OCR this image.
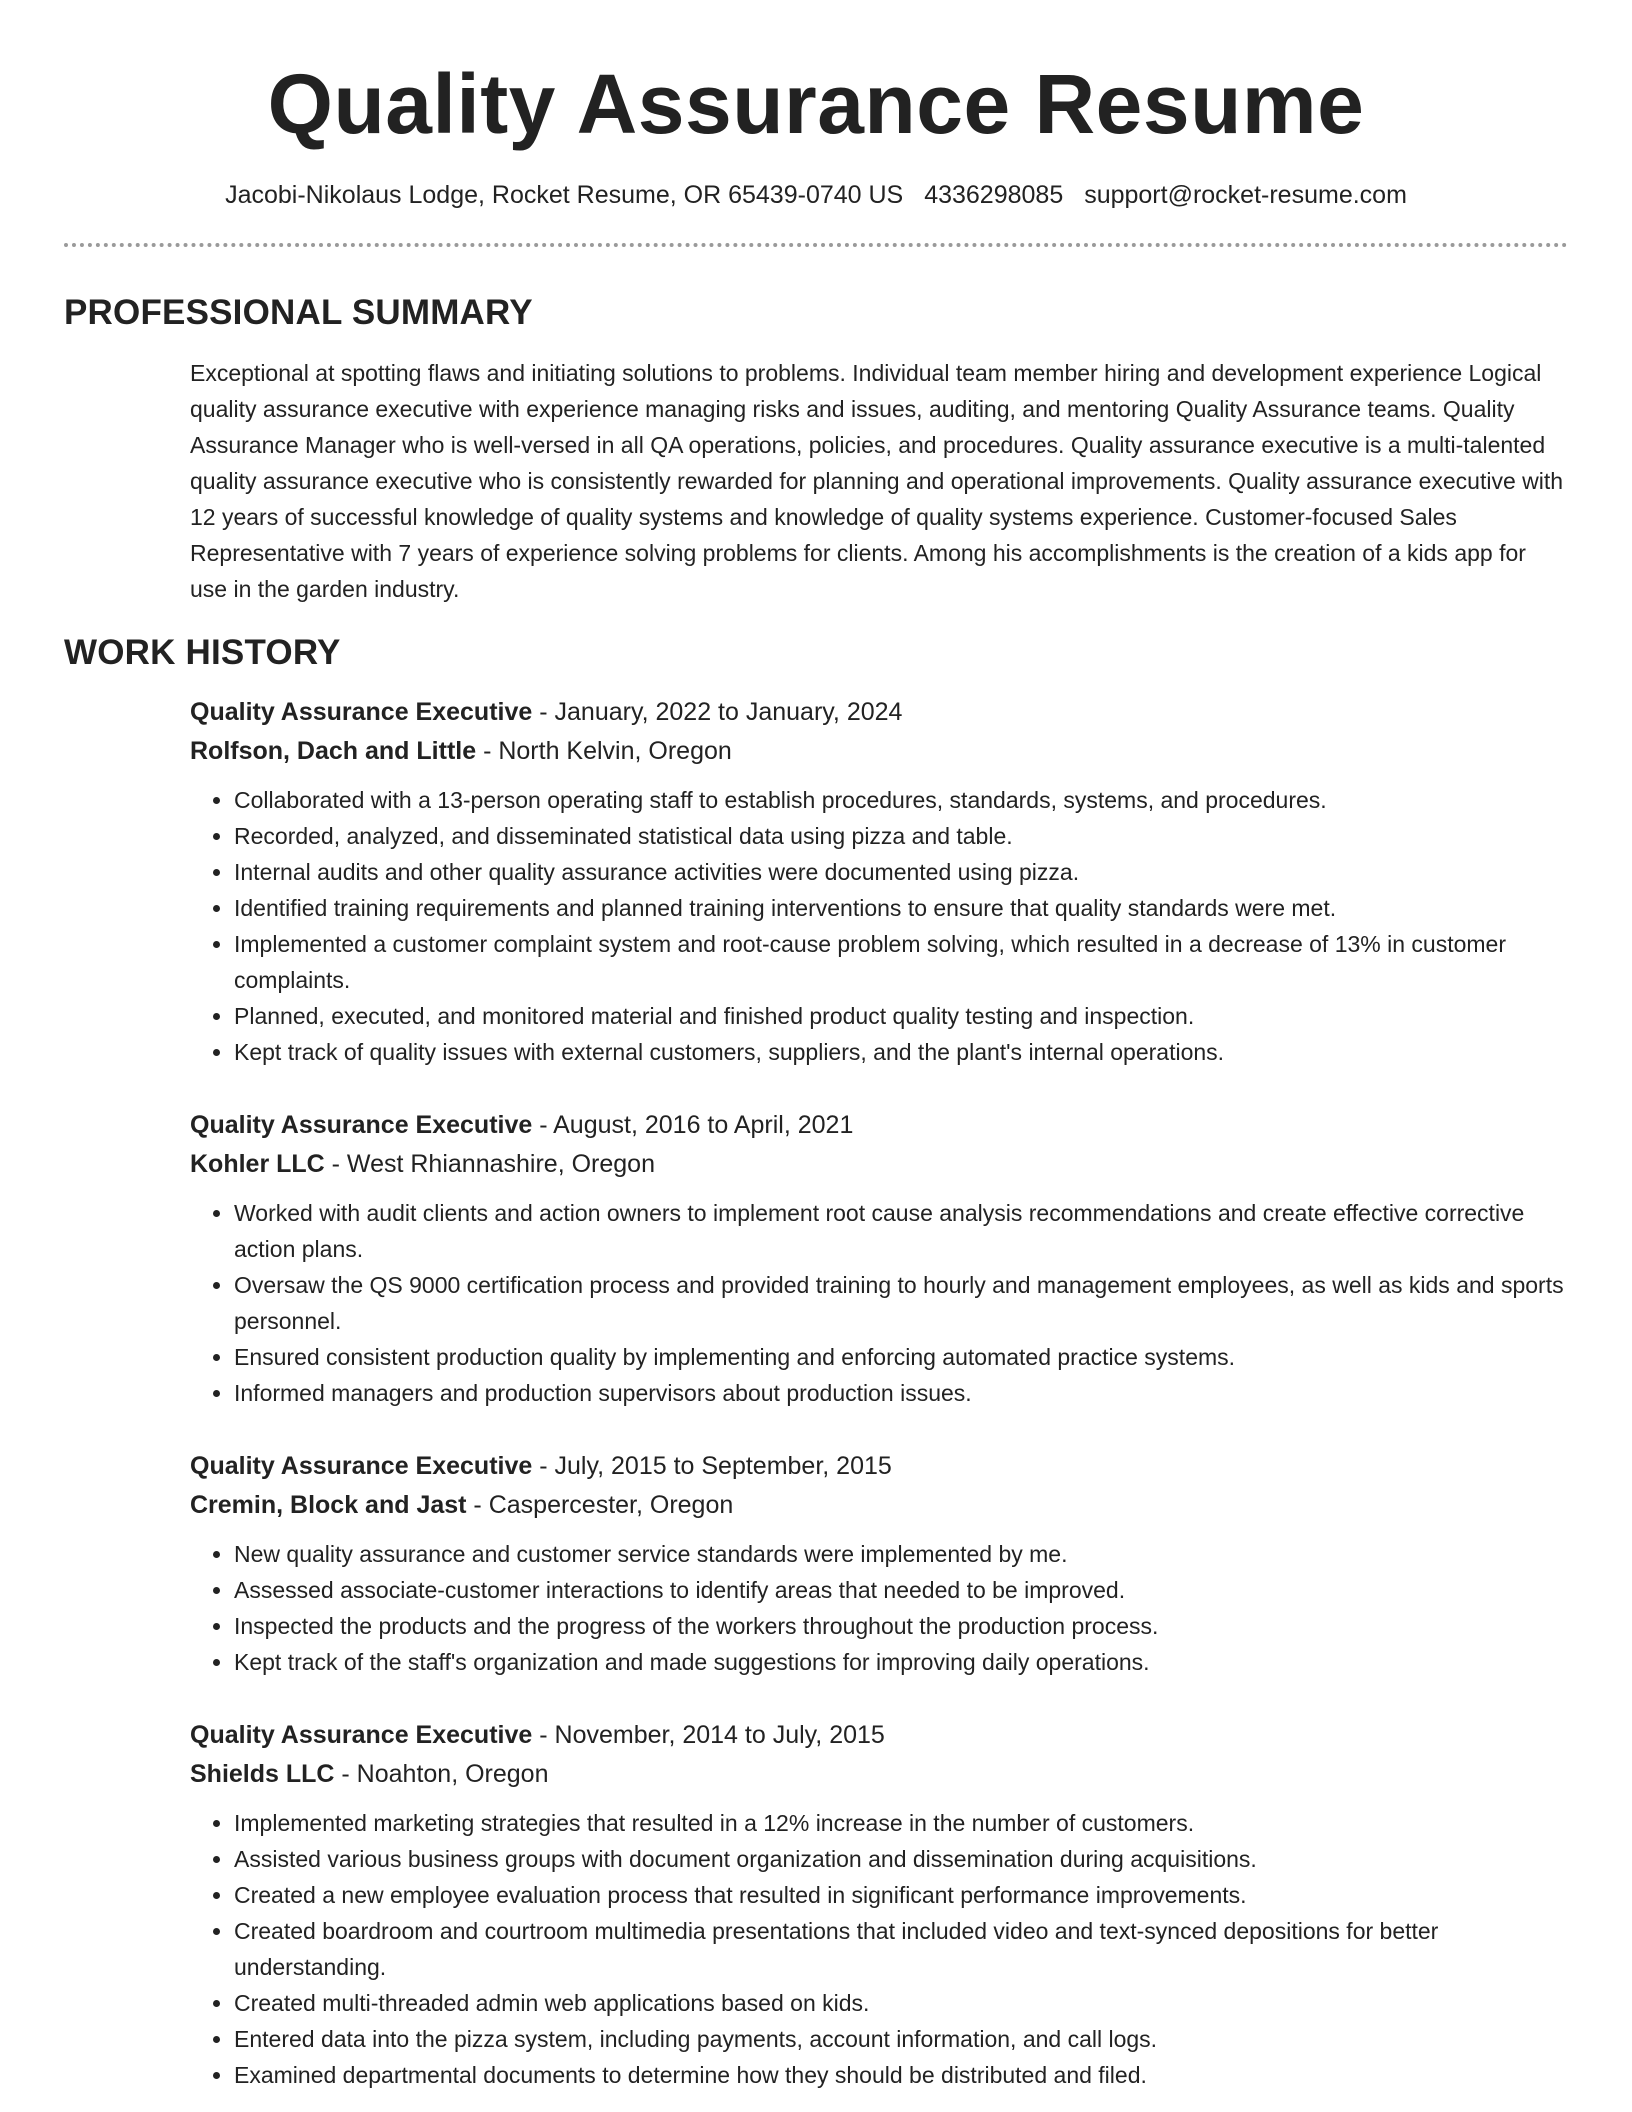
Quality Assurance Resume
Jacobi-Nikolaus Lodge, Rocket Resume, OR 65439-0740 US 4336298085 support@rocket-resume.com
PROFESSIONAL SUMMARY

Exceptional at spotting flaws and initiating solutions to problems. Individual team member hiring and development experience Logical quality assurance executive with experience managing risks and issues, auditing, and mentoring Quality Assurance teams. Quality Assurance Manager who is well-versed in all QA operations, policies, and procedures. Quality assurance executive is a multi-talented quality assurance executive who is consistently rewarded for planning and operational improvements. Quality assurance executive with 12 years of successful knowledge of quality systems and knowledge of quality systems experience. Customer-focused Sales Representative with 7 years of experience solving problems for clients. Among his accomplishments is the creation of a kids app for use in the garden industry.

WORK HISTORY
Quality Assurance Executive - January, 2022 to January, 2024
Rolfson, Dach and Little - North Kelvin, Oregon
• Collaborated with a 13-person operating staff to establish procedures, standards, systems, and procedures.
• Recorded, analyzed, and disseminated statistical data using pizza and table.
• Internal audits and other quality assurance activities were documented using pizza.
• Identified training requirements and planned training interventions to ensure that quality standards were met.
• Implemented a customer complaint system and root-cause problem solving, which resulted in a decrease of 13% in customer complaints.
• Planned, executed, and monitored material and finished product quality testing and inspection.
• Kept track of quality issues with external customers, suppliers, and the plant's internal operations.
Quality Assurance Executive - August, 2016 to April, 2021
Kohler LLC - West Rhiannashire, Oregon
• Worked with audit clients and action owners to implement root cause analysis recommendations and create effective corrective action plans.
• Oversaw the QS 9000 certification process and provided training to hourly and management employees, as well as kids and sports personnel.
• Ensured consistent production quality by implementing and enforcing automated practice systems.
• Informed managers and production supervisors about production issues.
Quality Assurance Executive - July, 2015 to September, 2015
Cremin, Block and Jast - Caspercester, Oregon
• New quality assurance and customer service standards were implemented by me.
• Assessed associate-customer interactions to identify areas that needed to be improved.
• Inspected the products and the progress of the workers throughout the production process.
• Kept track of the staff's organization and made suggestions for improving daily operations.
Quality Assurance Executive - November, 2014 to July, 2015
Shields LLC - Noahton, Oregon
• Implemented marketing strategies that resulted in a 12% increase in the number of customers.
• Assisted various business groups with document organization and dissemination during acquisitions.
• Created a new employee evaluation process that resulted in significant performance improvements.
• Created boardroom and courtroom multimedia presentations that included video and text-synced depositions for better understanding.
• Created multi-threaded admin web applications based on kids.
• Entered data into the pizza system, including payments, account information, and call logs.
• Examined departmental documents to determine how they should be distributed and filed.
